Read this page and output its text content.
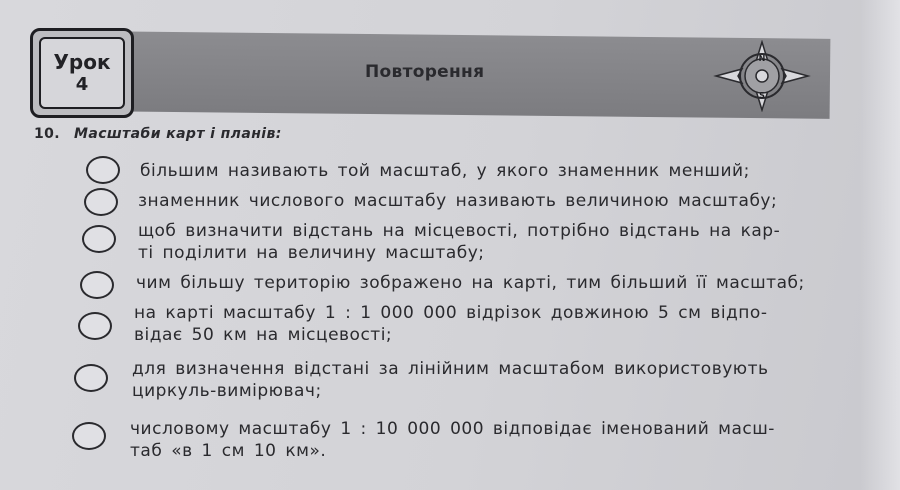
Урок
4
Повторення
N
S
10. Масштаби карт і планів:
більшим називають той масштаб, у якого знаменник менший;
знаменник числового масштабу називають величиною масштабу;
щоб визначити відстань на місцевості, потрібно відстань на кар-
ті поділити на величину масштабу;
чим більшу територію зображено на карті, тим більший її масштаб;
на карті масштабу 1 : 1 000 000 відрізок довжиною 5 см відпо-
відає 50 км на місцевості;
для визначення відстані за лінійним масштабом використовують
циркуль-вимірювач;
числовому масштабу 1 : 10 000 000 відповідає іменований масш-
таб «в 1 см 10 км».
